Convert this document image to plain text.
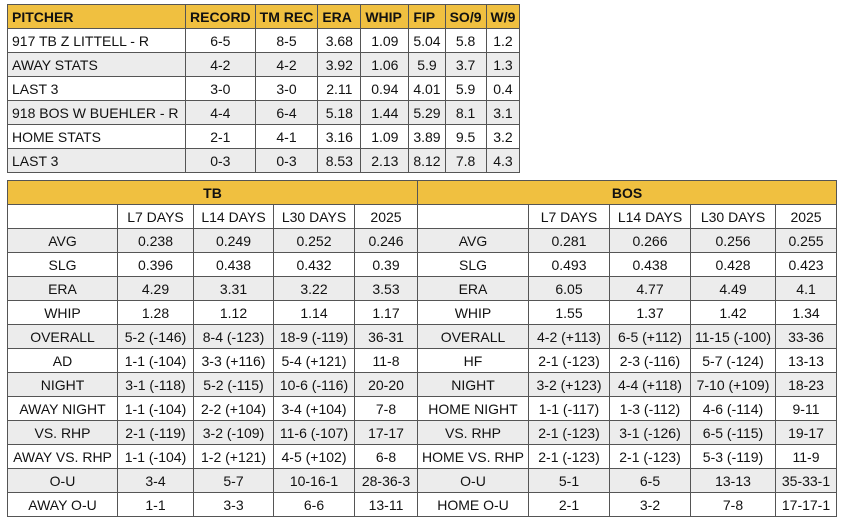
PITCHER	RECORD	TM REC	ERA	WHIP	FIP	SO/9	W/9
917 TB Z LITTELL - R	6-5	8-5	3.68	1.09	5.04	5.8	1.2
AWAY STATS	4-2	4-2	3.92	1.06	5.9	3.7	1.3
LAST 3	3-0	3-0	2.11	0.94	4.01	5.9	0.4
918 BOS W BUEHLER - R	4-4	6-4	5.18	1.44	5.29	8.1	3.1
HOME STATS	2-1	4-1	3.16	1.09	3.89	9.5	3.2
LAST 3	0-3	0-3	8.53	2.13	8.12	7.8	4.3
TB					BOS				
	L7 DAYS	L14 DAYS	L30 DAYS	2025		L7 DAYS	L14 DAYS	L30 DAYS	2025
AVG	0.238	0.249	0.252	0.246	AVG	0.281	0.266	0.256	0.255
SLG	0.396	0.438	0.432	0.39	SLG	0.493	0.438	0.428	0.423
ERA	4.29	3.31	3.22	3.53	ERA	6.05	4.77	4.49	4.1
WHIP	1.28	1.12	1.14	1.17	WHIP	1.55	1.37	1.42	1.34
OVERALL	5-2 (-146)	8-4 (-123)	18-9 (-119)	36-31	OVERALL	4-2 (+113)	6-5 (+112)	11-15 (-100)	33-36
AD	1-1 (-104)	3-3 (+116)	5-4 (+121)	11-8	HF	2-1 (-123)	2-3 (-116)	5-7 (-124)	13-13
NIGHT	3-1 (-118)	5-2 (-115)	10-6 (-116)	20-20	NIGHT	3-2 (+123)	4-4 (+118)	7-10 (+109)	18-23
AWAY NIGHT	1-1 (-104)	2-2 (+104)	3-4 (+104)	7-8	HOME NIGHT	1-1 (-117)	1-3 (-112)	4-6 (-114)	9-11
VS. RHP	2-1 (-119)	3-2 (-109)	11-6 (-107)	17-17	VS. RHP	2-1 (-123)	3-1 (-126)	6-5 (-115)	19-17
AWAY VS. RHP	1-1 (-104)	1-2 (+121)	4-5 (+102)	6-8	HOME VS. RHP	2-1 (-123)	2-1 (-123)	5-3 (-119)	11-9
O-U	3-4	5-7	10-16-1	28-36-3	O-U	5-1	6-5	13-13	35-33-1
AWAY O-U	1-1	3-3	6-6	13-11	HOME O-U	2-1	3-2	7-8	17-17-1
